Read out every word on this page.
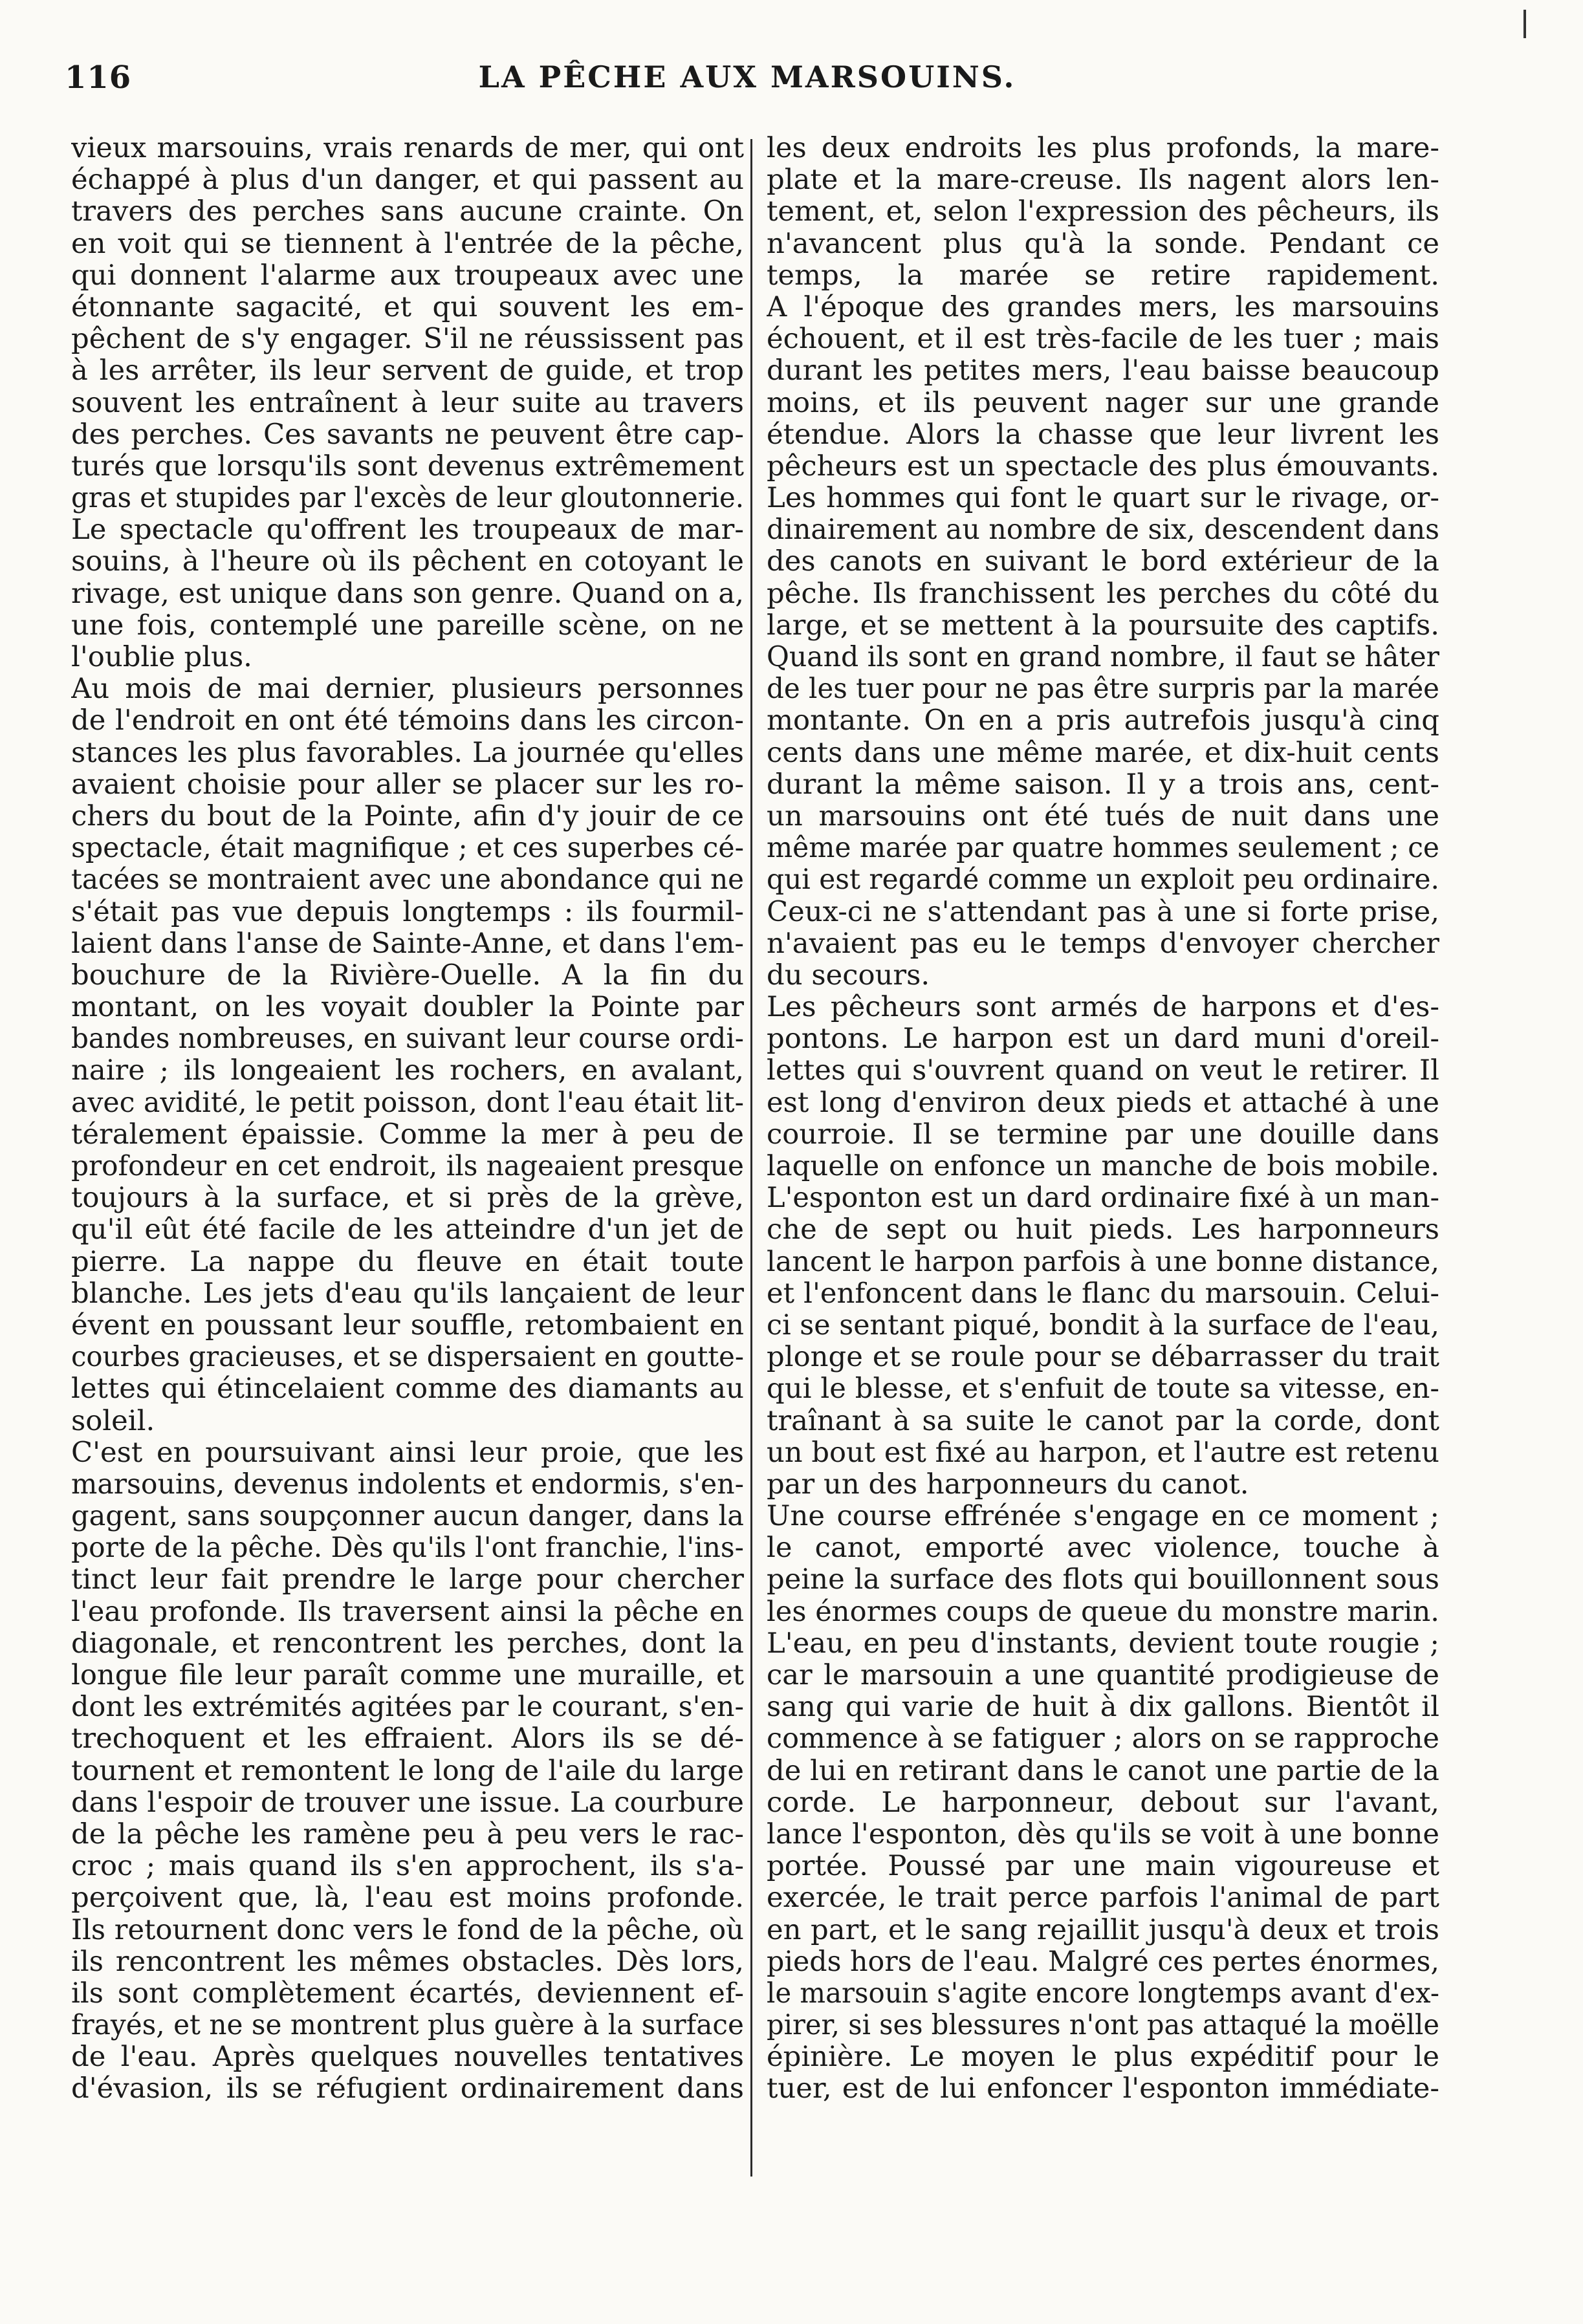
116	LA PÊCHE AUX MARSOUINS.
vieux marsouins, vrais renards de mer, qui ont
échappé à plus d'un danger, et qui passent au
travers des perches sans aucune crainte. On
en voit qui se tiennent à l'entrée de la pêche,
qui donnent l'alarme aux troupeaux avec une
étonnante sagacité, et qui souvent les em-
pêchent de s'y engager. S'il ne réussissent pas
à les arrêter, ils leur servent de guide, et trop
souvent les entraînent à leur suite au travers
des perches. Ces savants ne peuvent être cap-
turés que lorsqu'ils sont devenus extrêmement
gras et stupides par l'excès de leur gloutonnerie.
Le spectacle qu'offrent les troupeaux de mar-
souins, à l'heure où ils pêchent en cotoyant le
rivage, est unique dans son genre. Quand on a,
une fois, contemplé une pareille scène, on ne
l'oublie plus.
Au mois de mai dernier, plusieurs personnes
de l'endroit en ont été témoins dans les circon-
stances les plus favorables. La journée qu'elles
avaient choisie pour aller se placer sur les ro-
chers du bout de la Pointe, afin d'y jouir de ce
spectacle, était magnifique ; et ces superbes cé-
tacées se montraient avec une abondance qui ne
s'était pas vue depuis longtemps : ils fourmil-
laient dans l'anse de Sainte-Anne, et dans l'em-
bouchure de la Rivière-Ouelle. A la fin du
montant, on les voyait doubler la Pointe par
bandes nombreuses, en suivant leur course ordi-
naire ; ils longeaient les rochers, en avalant,
avec avidité, le petit poisson, dont l'eau était lit-
téralement épaissie. Comme la mer à peu de
profondeur en cet endroit, ils nageaient presque
toujours à la surface, et si près de la grève,
qu'il eût été facile de les atteindre d'un jet de
pierre. La nappe du fleuve en était toute
blanche. Les jets d'eau qu'ils lançaient de leur
évent en poussant leur souffle, retombaient en
courbes gracieuses, et se dispersaient en goutte-
lettes qui étincelaient comme des diamants au
soleil.
C'est en poursuivant ainsi leur proie, que les
marsouins, devenus indolents et endormis, s'en-
gagent, sans soupçonner aucun danger, dans la
porte de la pêche. Dès qu'ils l'ont franchie, l'ins-
tinct leur fait prendre le large pour chercher
l'eau profonde. Ils traversent ainsi la pêche en
diagonale, et rencontrent les perches, dont la
longue file leur paraît comme une muraille, et
dont les extrémités agitées par le courant, s'en-
trechoquent et les effraient. Alors ils se dé-
tournent et remontent le long de l'aile du large
dans l'espoir de trouver une issue. La courbure
de la pêche les ramène peu à peu vers le rac-
croc ; mais quand ils s'en approchent, ils s'a-
perçoivent que, là, l'eau est moins profonde.
Ils retournent donc vers le fond de la pêche, où
ils rencontrent les mêmes obstacles. Dès lors,
ils sont complètement écartés, deviennent ef-
frayés, et ne se montrent plus guère à la surface
de l'eau. Après quelques nouvelles tentatives
d'évasion, ils se réfugient ordinairement dans
les deux endroits les plus profonds, la mare-
plate et la mare-creuse. Ils nagent alors len-
tement, et, selon l'expression des pêcheurs, ils
n'avancent plus qu'à la sonde. Pendant ce
temps, la marée se retire rapidement.
A l'époque des grandes mers, les marsouins
échouent, et il est très-facile de les tuer ; mais
durant les petites mers, l'eau baisse beaucoup
moins, et ils peuvent nager sur une grande
étendue. Alors la chasse que leur livrent les
pêcheurs est un spectacle des plus émouvants.
Les hommes qui font le quart sur le rivage, or-
dinairement au nombre de six, descendent dans
des canots en suivant le bord extérieur de la
pêche. Ils franchissent les perches du côté du
large, et se mettent à la poursuite des captifs.
Quand ils sont en grand nombre, il faut se hâter
de les tuer pour ne pas être surpris par la marée
montante. On en a pris autrefois jusqu'à cinq
cents dans une même marée, et dix-huit cents
durant la même saison. Il y a trois ans, cent-
un marsouins ont été tués de nuit dans une
même marée par quatre hommes seulement ; ce
qui est regardé comme un exploit peu ordinaire.
Ceux-ci ne s'attendant pas à une si forte prise,
n'avaient pas eu le temps d'envoyer chercher
du secours.
Les pêcheurs sont armés de harpons et d'es-
pontons. Le harpon est un dard muni d'oreil-
lettes qui s'ouvrent quand on veut le retirer. Il
est long d'environ deux pieds et attaché à une
courroie. Il se termine par une douille dans
laquelle on enfonce un manche de bois mobile.
L'esponton est un dard ordinaire fixé à un man-
che de sept ou huit pieds. Les harponneurs
lancent le harpon parfois à une bonne distance,
et l'enfoncent dans le flanc du marsouin. Celui-
ci se sentant piqué, bondit à la surface de l'eau,
plonge et se roule pour se débarrasser du trait
qui le blesse, et s'enfuit de toute sa vitesse, en-
traînant à sa suite le canot par la corde, dont
un bout est fixé au harpon, et l'autre est retenu
par un des harponneurs du canot.
Une course effrénée s'engage en ce moment ;
le canot, emporté avec violence, touche à
peine la surface des flots qui bouillonnent sous
les énormes coups de queue du monstre marin.
L'eau, en peu d'instants, devient toute rougie ;
car le marsouin a une quantité prodigieuse de
sang qui varie de huit à dix gallons. Bientôt il
commence à se fatiguer ; alors on se rapproche
de lui en retirant dans le canot une partie de la
corde. Le harponneur, debout sur l'avant,
lance l'esponton, dès qu'ils se voit à une bonne
portée. Poussé par une main vigoureuse et
exercée, le trait perce parfois l'animal de part
en part, et le sang rejaillit jusqu'à deux et trois
pieds hors de l'eau. Malgré ces pertes énormes,
le marsouin s'agite encore longtemps avant d'ex-
pirer, si ses blessures n'ont pas attaqué la moëlle
épinière. Le moyen le plus expéditif pour le
tuer, est de lui enfoncer l'esponton immédiate-
